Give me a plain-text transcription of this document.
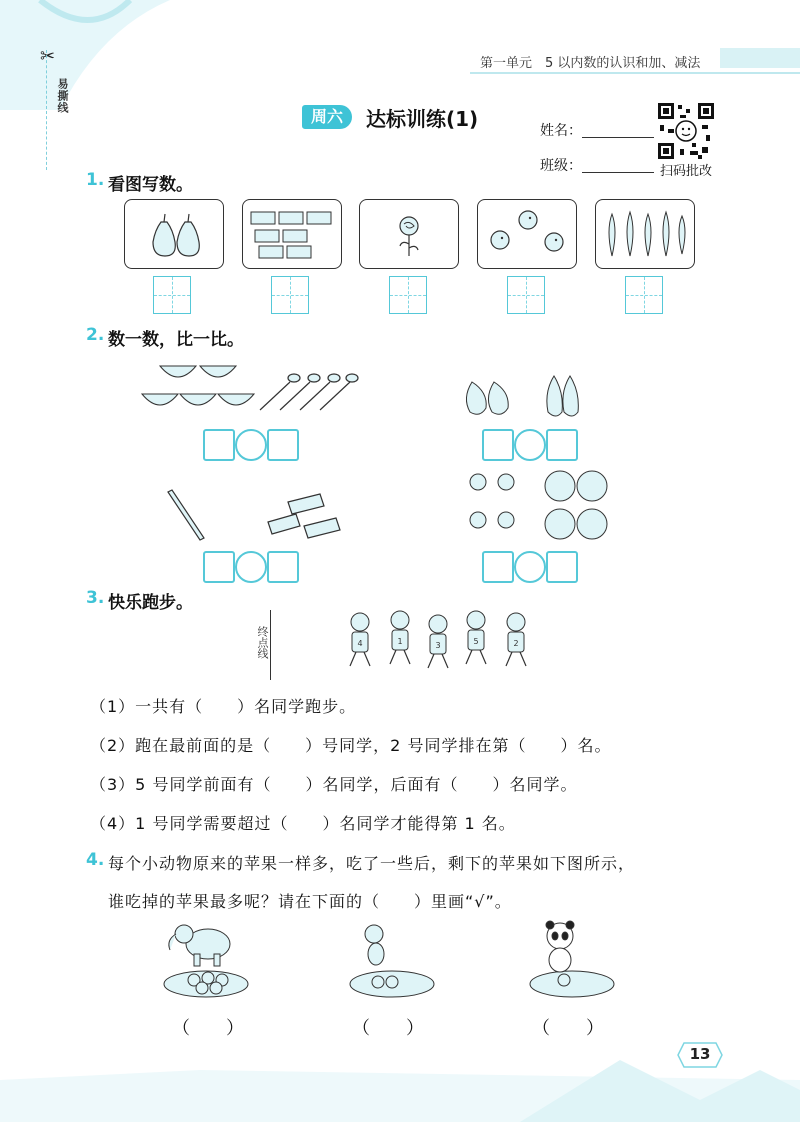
第一单元　5 以内数的认识和加、减法
✂
易撕线
周六	达标训练(1)	姓名：
班级：	扫码批改
1. 看图写数。
2. 数一数，比一比。
3. 快乐跑步。
终点线	4	1	3	5	2
（1）一共有（　　）名同学跑步。
（2）跑在最前面的是（　　）号同学，2 号同学排在第（　　）名。
（3）5 号同学前面有（　　）名同学，后面有（　　）名同学。
（4）1 号同学需要超过（　　）名同学才能得第 1 名。
4. 每个小动物原来的苹果一样多，吃了一些后，剩下的苹果如下图所示，
谁吃掉的苹果最多呢？请在下面的（　　）里画“√”。
（　　）	（　　）	（　　）
13
